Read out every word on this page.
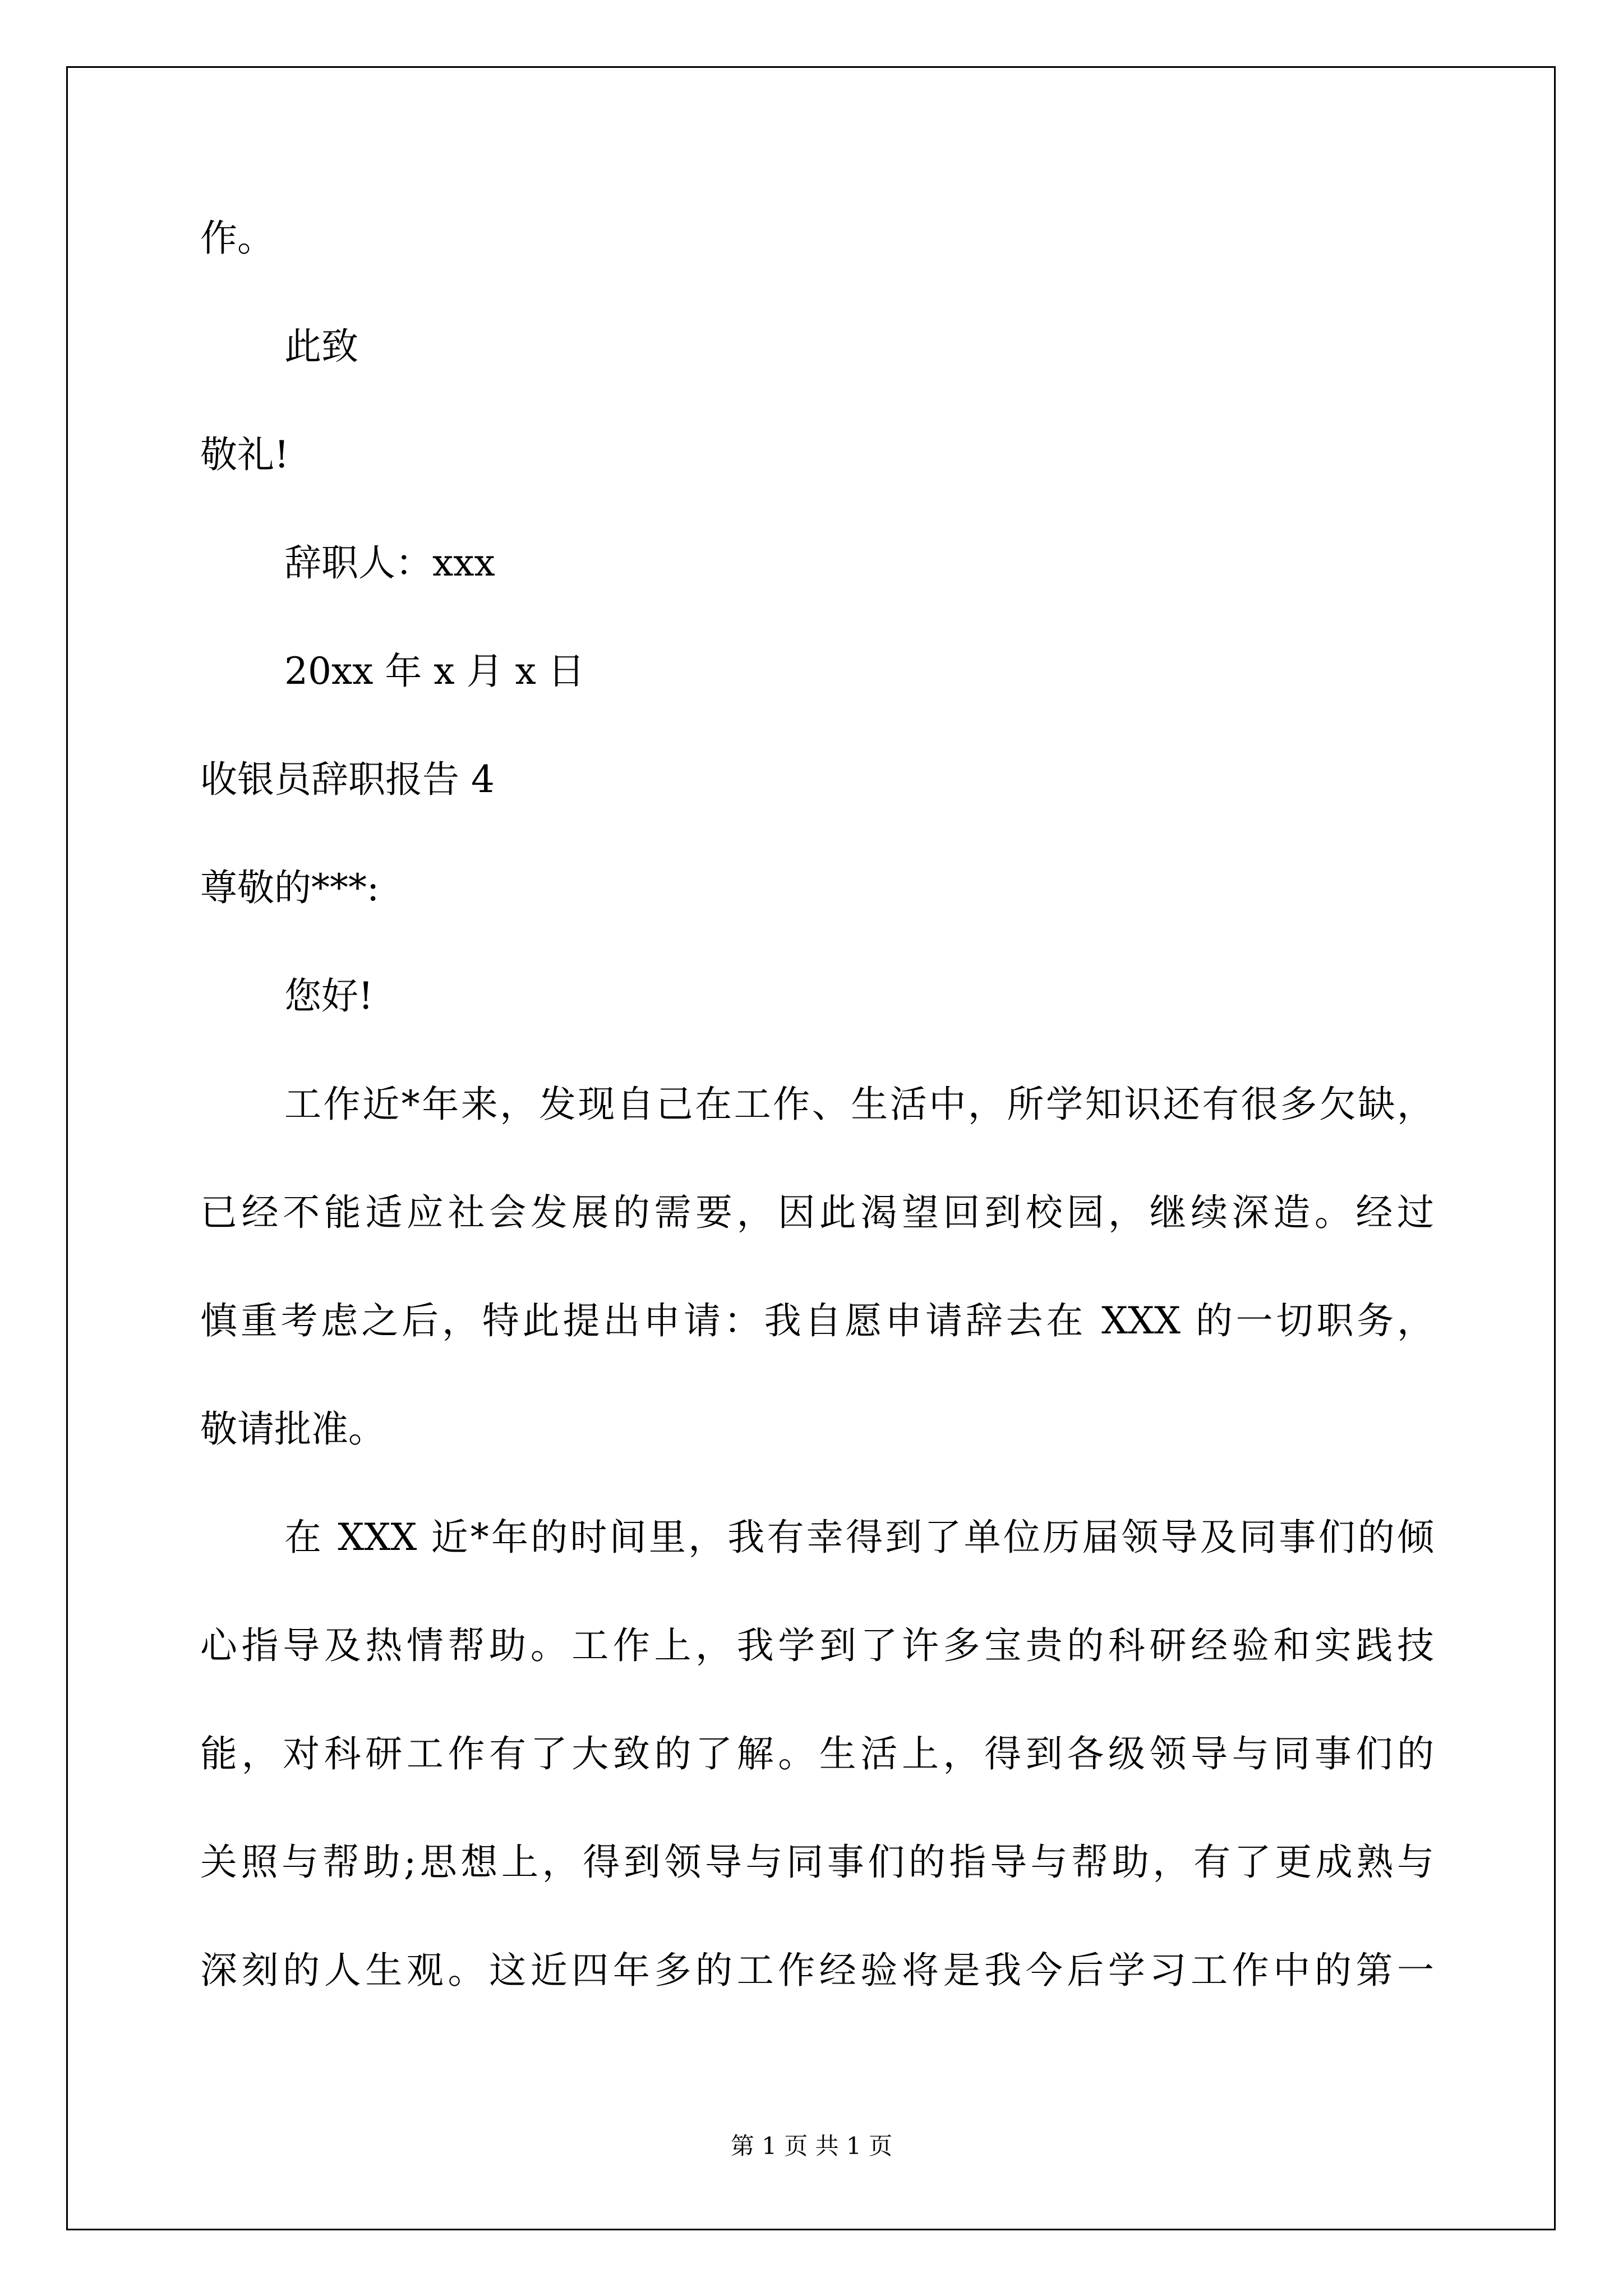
作。
此致
敬礼!
辞职人：xxx
20xx 年 x 月 x 日
收银员辞职报告 4
尊敬的***:
您好!
工作近*年来，发现自己在工作、生活中，所学知识还有很多欠缺，
已经不能适应社会发展的需要，因此渴望回到校园，继续深造。经过
慎重考虑之后，特此提出申请：我自愿申请辞去在 XXX 的一切职务，
敬请批准。
在 XXX 近*年的时间里，我有幸得到了单位历届领导及同事们的倾
心指导及热情帮助。工作上，我学到了许多宝贵的科研经验和实践技
能，对科研工作有了大致的了解。生活上，得到各级领导与同事们的
关照与帮助;思想上，得到领导与同事们的指导与帮助，有了更成熟与
深刻的人生观。这近四年多的工作经验将是我今后学习工作中的第一
第 1 页 共 1 页
